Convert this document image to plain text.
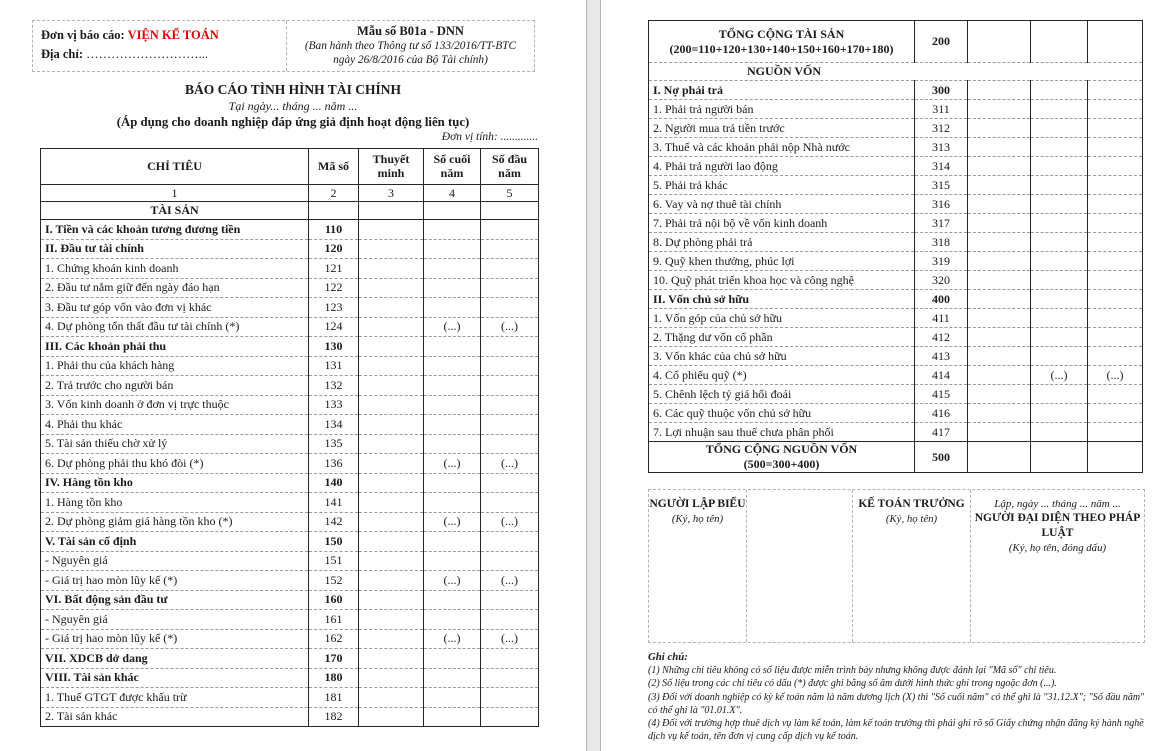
Đơn vị báo cáo: VIỆN KẾ TOÁN
Địa chỉ: ………………………...
Mẫu số B01a - DNN
(Ban hành theo Thông tư số 133/2016/TT-BTC
ngày 26/8/2016 của Bộ Tài chính)
BÁO CÁO TÌNH HÌNH TÀI CHÍNH
Tại ngày... tháng ... năm ...
(Áp dụng cho doanh nghiệp đáp ứng giả định hoạt động liên tục)
Đơn vị tính: .............
CHỈ TIÊU	Mã số	Thuyết minh	Số cuối năm	Số đầu năm
1	2	3	4	5
TÀI SẢN				
I. Tiền và các khoản tương đương tiền	110			
II. Đầu tư tài chính	120			
1. Chứng khoán kinh doanh	121			
2. Đầu tư nắm giữ đến ngày đáo hạn	122			
3. Đầu tư góp vốn vào đơn vị khác	123			
4. Dự phòng tổn thất đầu tư tài chính (*)	124		(...)	(...)
III. Các khoản phải thu	130			
1. Phải thu của khách hàng	131			
2. Trả trước cho người bán	132			
3. Vốn kinh doanh ở đơn vị trực thuộc	133			
4. Phải thu khác	134			
5. Tài sản thiếu chờ xử lý	135			
6. Dự phòng phải thu khó đòi (*)	136		(...)	(...)
IV. Hàng tồn kho	140			
1. Hàng tồn kho	141			
2. Dự phòng giảm giá hàng tồn kho (*)	142		(...)	(...)
V. Tài sản cố định	150			
- Nguyên giá	151			
- Giá trị hao mòn lũy kế (*)	152		(...)	(...)
VI. Bất động sản đầu tư	160			
- Nguyên giá	161			
- Giá trị hao mòn lũy kế (*)	162		(...)	(...)
VII. XDCB dở dang	170			
VIII. Tài sản khác	180			
1. Thuế GTGT được khấu trừ	181			
2. Tài sản khác	182			
TỔNG CỘNG TÀI SẢN
(200=110+120+130+140+150+160+170+180)	200			

NGUỒN VỐN				

I. Nợ phải trả	300			
1. Phải trả người bán	311			
2. Người mua trả tiền trước	312			
3. Thuế và các khoản phải nộp Nhà nước	313			
4. Phải trả người lao động	314			
5. Phải trả khác	315			
6. Vay và nợ thuê tài chính	316			
7. Phải trả nội bộ về vốn kinh doanh	317			
8. Dự phòng phải trả	318			
9. Quỹ khen thưởng, phúc lợi	319			
10. Quỹ phát triển khoa học và công nghệ	320			
II. Vốn chủ sở hữu	400			
1. Vốn góp của chủ sở hữu	411			
2. Thặng dư vốn cổ phần	412			
3. Vốn khác của chủ sở hữu	413			
4. Cổ phiếu quỹ (*)	414		(...)	(...)
5. Chênh lệch tỷ giá hối đoái	415			
6. Các quỹ thuộc vốn chủ sở hữu	416			
7. Lợi nhuận sau thuế chưa phân phối	417			

TỔNG CỘNG NGUỒN VỐN
(500=300+400)	500			
NGƯỜI LẬP BIỂU
(Ký, họ tên)
KẾ TOÁN TRƯỞNG
(Ký, họ tên)
Lập, ngày ... tháng ... năm ...
NGƯỜI ĐẠI DIỆN THEO PHÁP LUẬT
(Ký, họ tên, đóng dấu)
Ghi chú:
(1) Những chỉ tiêu không có số liệu được miễn trình bày nhưng không được đánh lại "Mã số" chỉ tiêu.
(2) Số liệu trong các chỉ tiêu có dấu (*) được ghi bằng số âm dưới hình thức ghi trong ngoặc đơn (...).
(3) Đối với doanh nghiệp có kỳ kế toán năm là năm dương lịch (X) thì "Số cuối năm" có thể ghi là "31.12.X"; "Số đầu năm" có thể ghi là "01.01.X".
(4) Đối với trường hợp thuê dịch vụ làm kế toán, làm kế toán trưởng thì phải ghi rõ số Giấy chứng nhận đăng ký hành nghề dịch vụ kế toán, tên đơn vị cung cấp dịch vụ kế toán.
